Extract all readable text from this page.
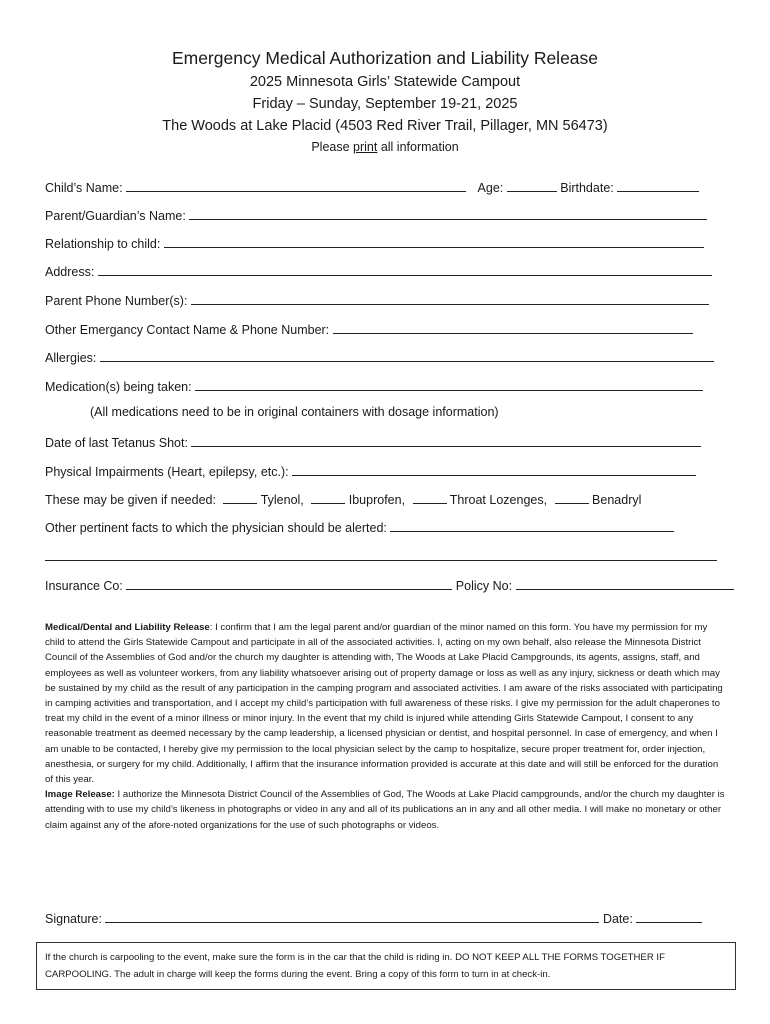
Emergency Medical Authorization and Liability Release
2025 Minnesota Girls’ Statewide Campout
Friday – Sunday, September 19-21, 2025
The Woods at Lake Placid (4503 Red River Trail, Pillager, MN 56473)
Please print all information
Child’s Name:	Age:	Birthdate:
Parent/Guardian’s Name:
Relationship to child:
Address:
Parent Phone Number(s):
Other Emergancy Contact Name & Phone Number:
Allergies:
Medication(s) being taken:
(All medications need to be in original containers with dosage information)
Date of last Tetanus Shot:
Physical Impairments (Heart, epilepsy, etc.):
These may be given if needed:	Tylenol,	Ibuprofen,	Throat Lozenges,	Benadryl
Other pertinent facts to which the physician should be alerted:
Insurance Co:	Policy No:
Medical/Dental and Liability Release: I confirm that I am the legal parent and/or guardian of the minor named on this form. You have my permission for my child to attend the Girls Statewide Campout and participate in all of the associated activities. I, acting on my own behalf, also release the Minnesota District Council of the Assemblies of God and/or the church my daughter is attending with, The Woods at Lake Placid Campgrounds, its agents, assigns, staff, and employees as well as volunteer workers, from any liability whatsoever arising out of property damage or loss as well as any injury, sickness or death which may be sustained by my child as the result of any participation in the camping program and associated activities. I am aware of the risks associated with participating in camping activities and transportation, and I accept my child’s participation with full awareness of these risks. I give my permission for the adult chaperones to treat my child in the event of a minor illness or minor injury. In the event that my child is injured while attending Girls Statewide Campout, I consent to any reasonable treatment as deemed necessary by the camp leadership, a licensed physician or dentist, and hospital personnel. In case of emergency, and when I am unable to be contacted, I hereby give my permission to the local physician select by the camp to hospitalize, secure proper treatment for, order injection, anesthesia, or surgery for my child. Additionally, I affirm that the insurance information provided is accurate at this date and will still be enforced for the duration of this year.
Image Release: I authorize the Minnesota District Council of the Assemblies of God, The Woods at Lake Placid campgrounds, and/or the church my daughter is attending with to use my child’s likeness in photographs or video in any and all of its publications an in any and all other media. I will make no monetary or other claim against any of the afore-noted organizations for the use of such photographs or videos.
Signature:	Date:
If the church is carpooling to the event, make sure the form is in the car that the child is riding in. DO NOT KEEP ALL THE FORMS TOGETHER IF CARPOOLING. The adult in charge will keep the forms during the event. Bring a copy of this form to turn in at check-in.
